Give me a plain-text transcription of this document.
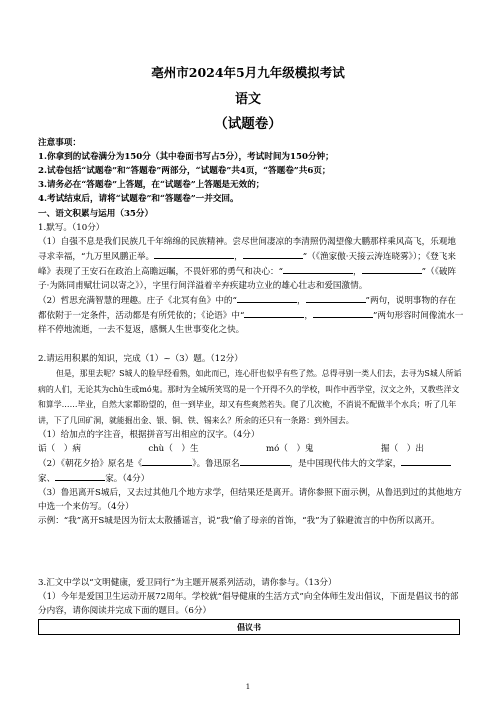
亳州市2024年5月九年级模拟考试
语文
（试题卷）
注意事项：
1.你拿到的试卷满分为150分（其中卷面书写占5分），考试时间为150分钟；
2.试卷包括“试题卷”和“答题卷”两部分，“试题卷”共4页，“答题卷”共6页；
3.请务必在“答题卷”上答题，在“试题卷”上答题是无效的；
4.考试结束后，请将“试题卷”和“答题卷”一并交回。
一、语文积累与运用（35分）
1.默写。（10分）
（1）自强不息是我们民族几千年绵绵的民族精神。尝尽世间凄凉的李清照仍渴望像大鹏那样乘风高飞，乐观地寻求幸福，“九万里风鹏正举。	，	”（《渔家傲·天接云涛连晓雾》）；《登飞来峰》表现了王安石在政治上高瞻远瞩，不畏奸邪的勇气和决心：“	，	”（《破阵子·为陈同甫赋壮词以寄之》），字里行间洋溢着辛弃疾建功立业的雄心壮志和爱国激情。
（2）哲思充满智慧的理趣。庄子《北冥有鱼》中的“	，	”两句，说明事物的存在都依附于一定条件，活动都是有所凭依的；《论语》中“	，	”两句形容时间像流水一样不停地流逝，一去不复返，感慨人生世事变化之快。
2.请运用积累的知识，完成（1）~（3）题。（12分）
但是，那里去呢？S城人的脸早经看熟，如此而已，连心肝也似乎有些了然。总得寻别一类人们去，去寻为S城人所诟病的人们，无论其为chù生或mó鬼。那时为全城所笑骂的是一个开得不久的学校，叫作中西学堂，汉文之外，又教些洋文和算学……毕业，自然大家都盼望的，但一到毕业，却又有些爽然若失。爬了几次桅，不消说不配做半个水兵；听了几年讲，下了几回矿洞，就能掘出金、银、铜、铁、锡来么？所余的还只有一条路：到外国去。
（1）给加点的字注音，根据拼音写出相应的汉字。（4分）
诟（　）病	chù（　）生	mó（　）鬼	掘（　）出
（2）《朝花夕拾》原名是《	》。鲁迅原名	，是中国现代伟大的文学家，家、	家。（4分）
（3）鲁迅离开S城后，又去过其他几个地方求学，但结果还是离开。请你参照下面示例，从鲁迅到过的其他地方中选一个来仿写。（4分）
示例：“我”离开S城是因为衍太太散播谣言，说“我”偷了母亲的首饰，“我”为了躲避流言的中伤所以离开。
3.汇文中学以“文明健康，爱卫同行”为主题开展系列活动，请你参与。（13分）
（1）今年是爱国卫生运动开展72周年。学校就“倡导健康的生活方式”向全体师生发出倡议，下面是倡议书的部分内容，请你阅读并完成下面的题目。（6分）
倡议书
1
